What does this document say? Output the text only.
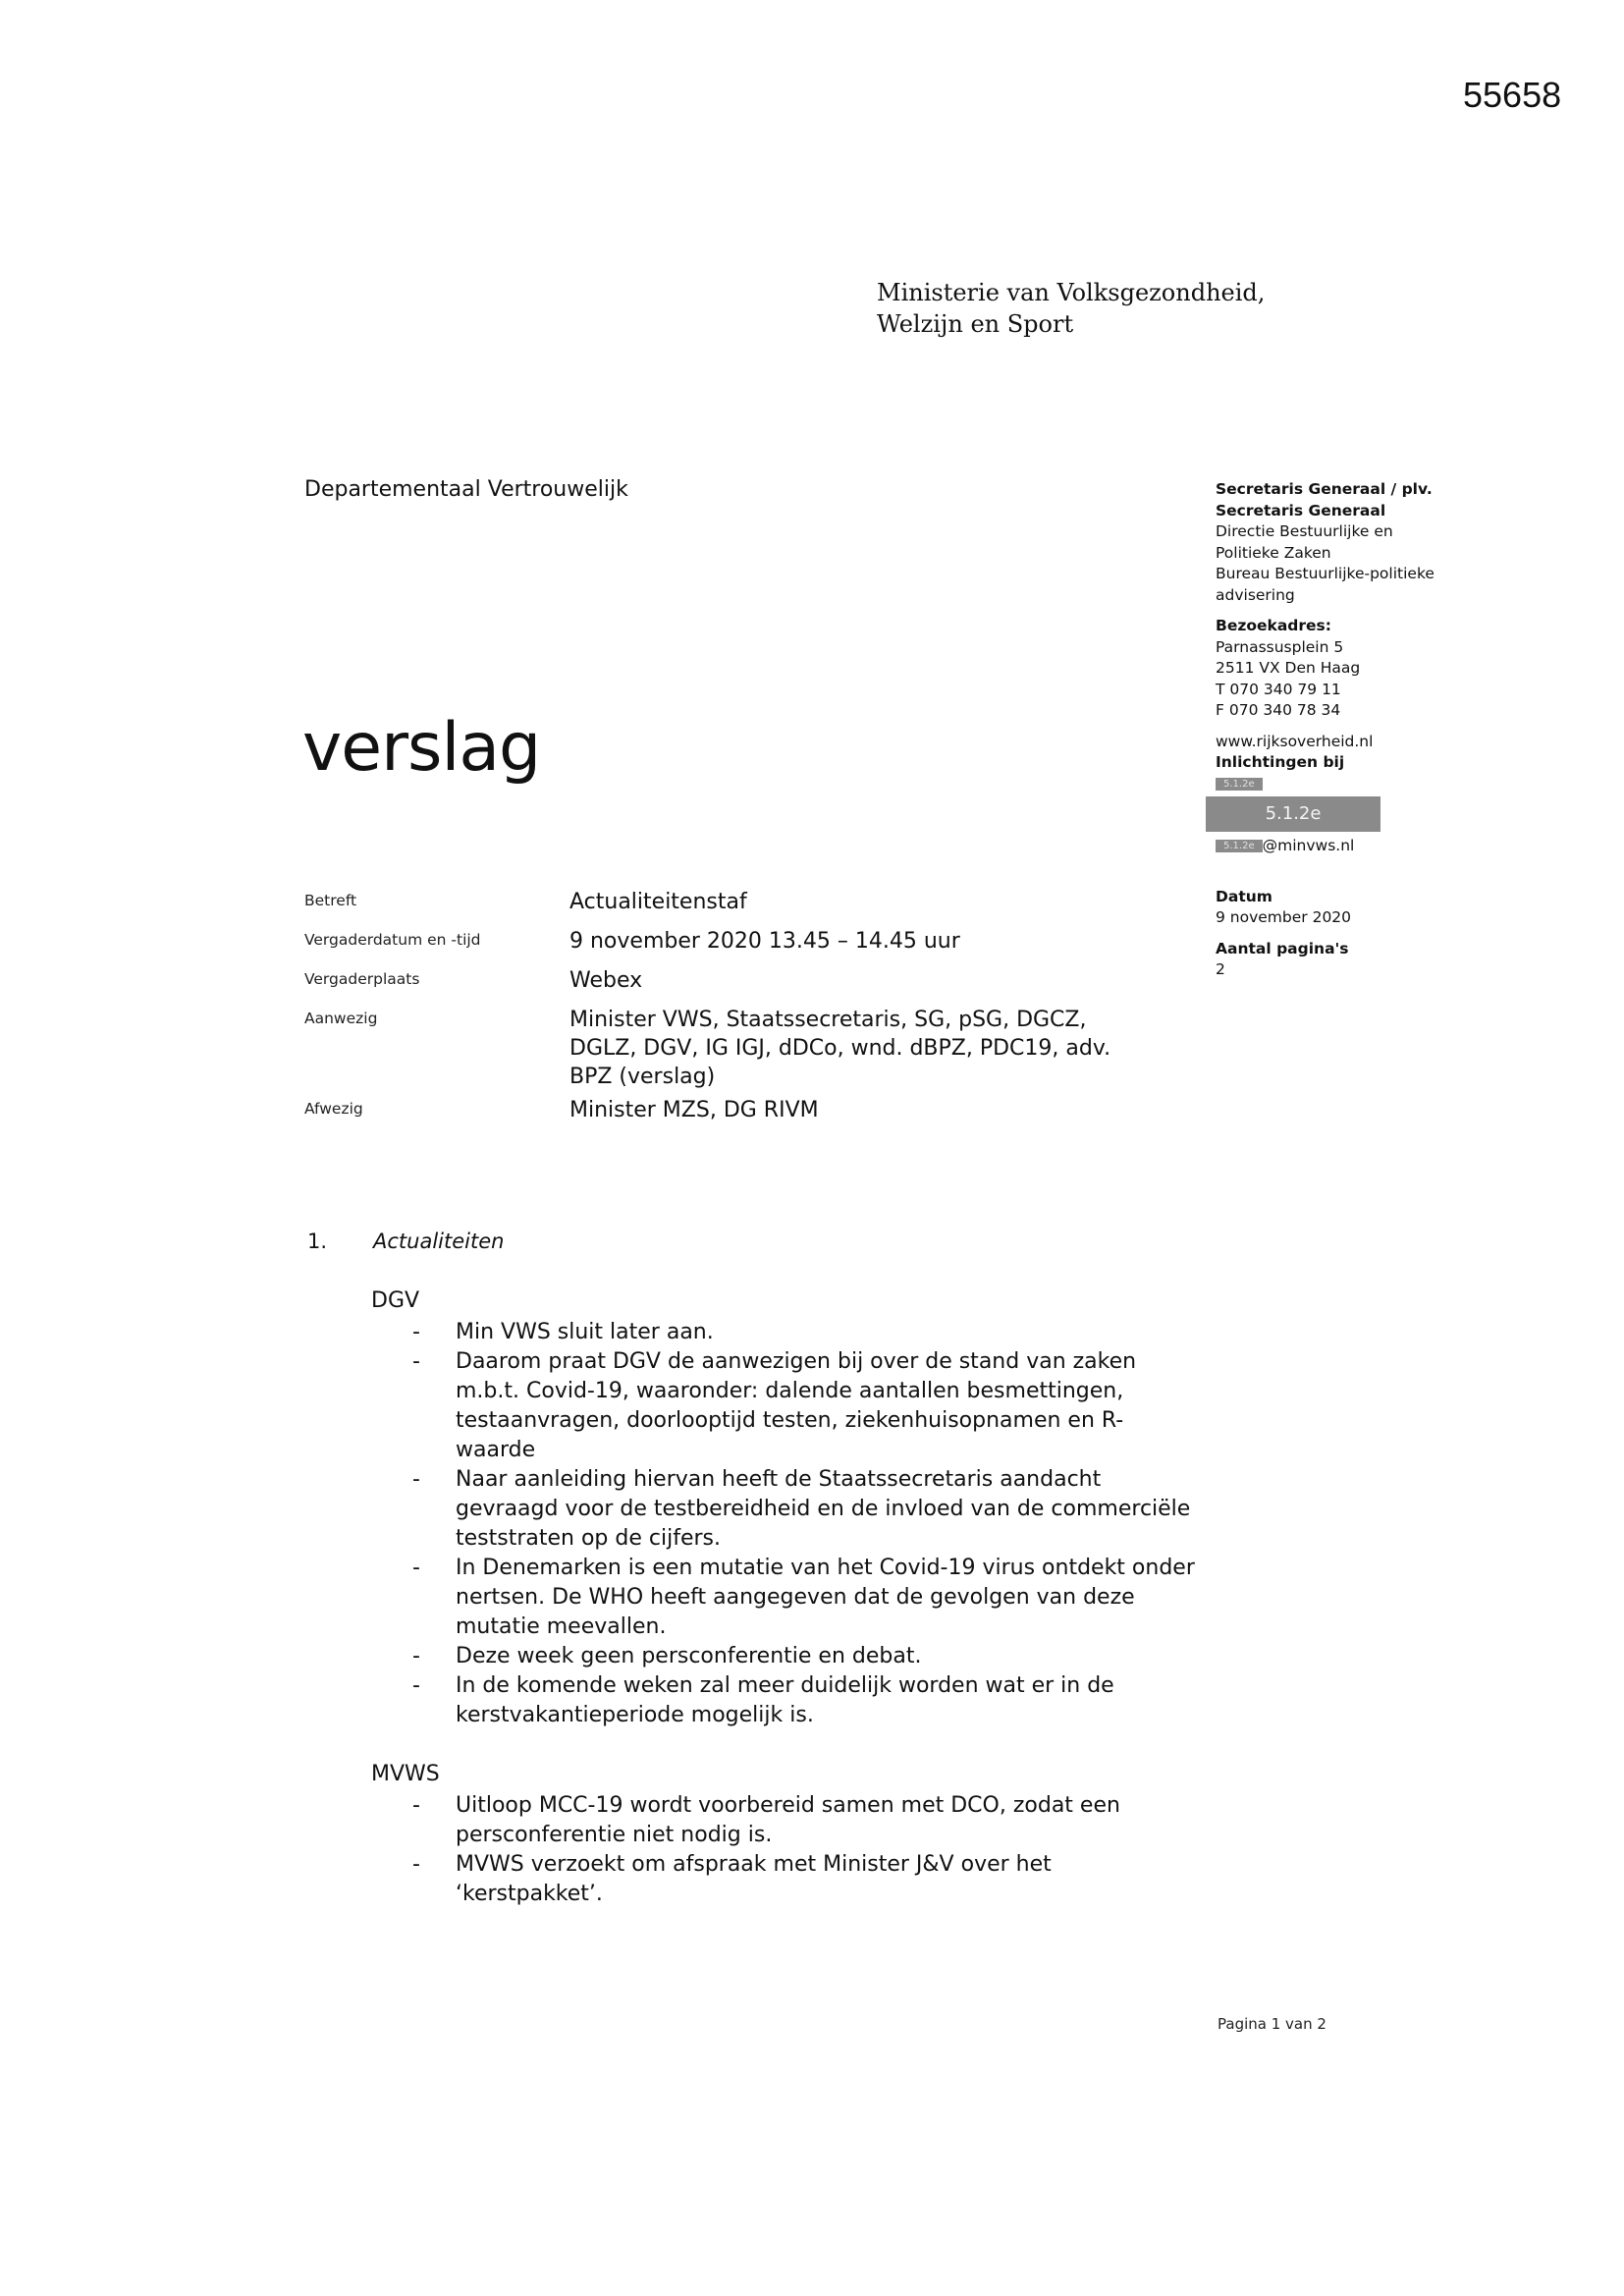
55658
Ministerie van Volksgezondheid,
Welzijn en Sport
Departementaal Vertrouwelijk
verslag
Secretaris Generaal / plv.
Secretaris Generaal
Directie Bestuurlijke en
Politieke Zaken
Bureau Bestuurlijke-politieke
advisering
Bezoekadres:
Parnassusplein 5
2511 VX Den Haag
T 070 340 79 11
F 070 340 78 34
www.rijksoverheid.nl
Inlichtingen bij
5.1.2e
5.1.2e
5.1.2e @minvws.nl
Datum
9 november 2020
Aantal pagina's
2
Betreft	Actualiteitenstaf
Vergaderdatum en -tijd	9 november 2020 13.45 – 14.45 uur
Vergaderplaats	Webex
Aanwezig	Minister VWS, Staatssecretaris, SG, pSG, DGCZ, DGLZ, DGV, IG IGJ, dDCo, wnd. dBPZ, PDC19, adv. BPZ (verslag)
Afwezig	Minister MZS, DG RIVM
1. Actualiteiten
DGV
- Min VWS sluit later aan.
- Daarom praat DGV de aanwezigen bij over de stand van zaken m.b.t. Covid-19, waaronder: dalende aantallen besmettingen, testaanvragen, doorlooptijd testen, ziekenhuisopnamen en R-waarde
- Naar aanleiding hiervan heeft de Staatssecretaris aandacht gevraagd voor de testbereidheid en de invloed van de commerciële teststraten op de cijfers.
- In Denemarken is een mutatie van het Covid-19 virus ontdekt onder nertsen. De WHO heeft aangegeven dat de gevolgen van deze mutatie meevallen.
- Deze week geen persconferentie en debat.
- In de komende weken zal meer duidelijk worden wat er in de kerstvakantieperiode mogelijk is.
MVWS
- Uitloop MCC-19 wordt voorbereid samen met DCO, zodat een persconferentie niet nodig is.
- MVWS verzoekt om afspraak met Minister J&V over het ‘kerstpakket’.
Pagina 1 van 2
